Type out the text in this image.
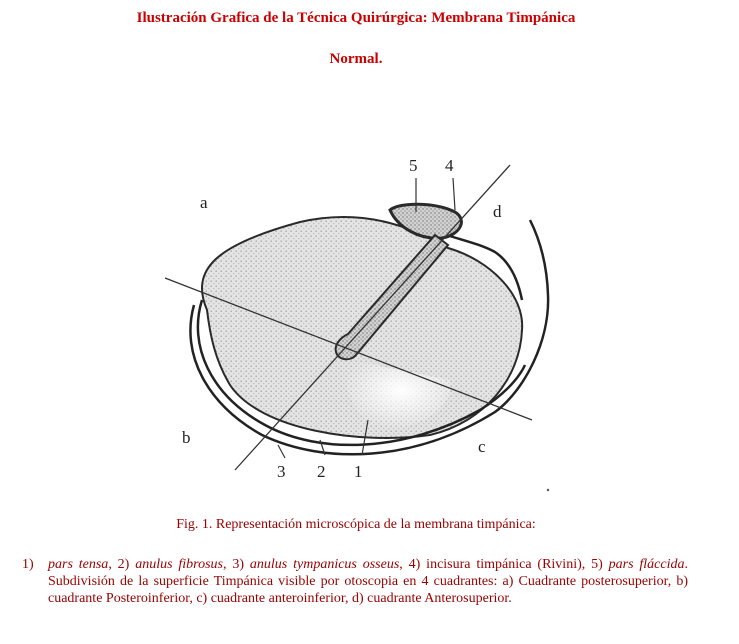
Ilustración Grafica de la Técnica Quirúrgica: Membrana Timpánica
Normal.
a
b	c
d
5 4
3 2 1
Fig. 1. Representación microscópica de la membrana timpánica:
1) pars tensa, 2) anulus fibrosus, 3) anulus tympanicus osseus, 4) incisura timpánica (Rivini), 5) pars fláccida. Subdivisión de la superficie Timpánica visible por otoscopia en 4 cuadrantes: a) Cuadrante posterosuperior, b) cuadrante Posteroinferior, c) cuadrante anteroinferior, d) cuadrante Anterosuperior.
